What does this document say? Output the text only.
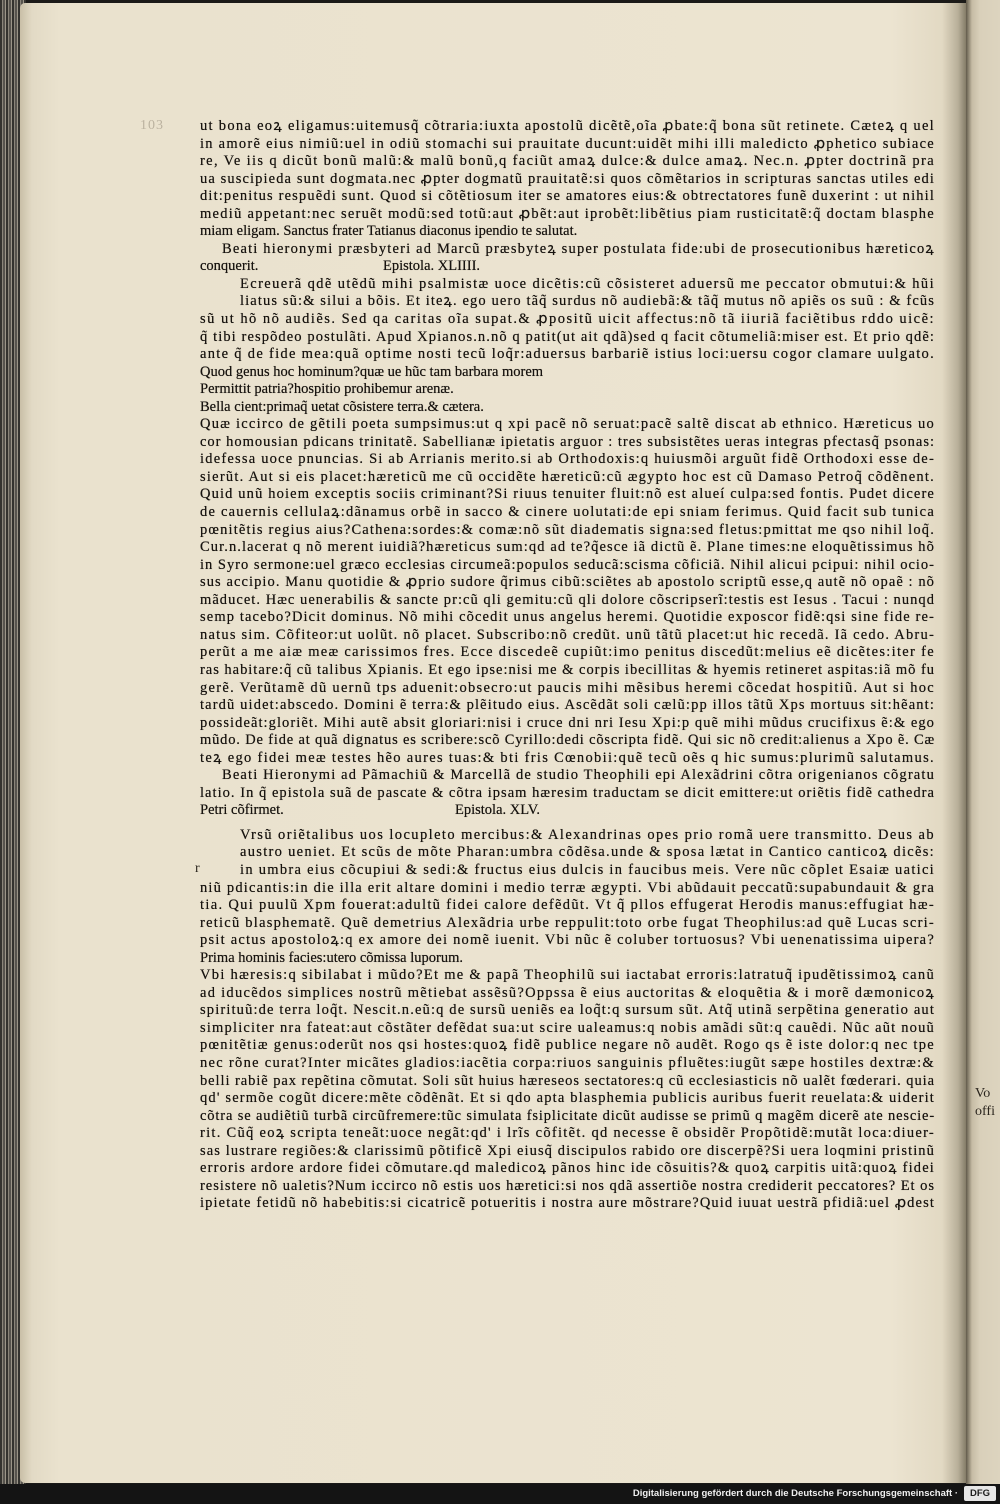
Vo
offi
103
r
ut bona eoꝝ eligamus:uitemusq̃ cõtraria:iuxta apostolũ dicẽtẽ,oĩa ꝓbate:q̃ bona sũt retinete. Cæteꝝ q uel
in amorẽ eius nimiũ:uel in odiũ stomachi sui prauitate ducunt:uidẽt mihi illi maledicto ꝓphetico subiace
re, Ve iis q dicũt bonũ malũ:& malũ bonũ,q faciũt amaꝝ dulce:& dulce amaꝝ. Nec.n. ꝓpter doctrinã pra
ua suscipieda sunt dogmata.nec ꝓpter dogmatũ prauitatẽ:si quos cõmẽtarios in scripturas sanctas utiles edi
dit:penitus respuẽdi sunt. Quod si cõtẽtiosum iter se amatores eius:& obtrectatores funẽ duxerint : ut nihil
mediũ appetant:nec seruẽt modũ:sed totũ:aut ꝓbẽt:aut iprobẽt:libẽtius piam rusticitatẽ:q̃ doctam blasphe
miam eligam. Sanctus frater Tatianus diaconus ipendio te salutat.
Beati hieronymi præsbyteri ad Marcũ præsbyteꝝ super postulata fide:ubi de prosecutionibus hæreticoꝝ
conquerit.	Epistola. XLIIII.
Ecreuerã qdẽ utẽdũ mihi psalmistæ uoce dicẽtis:cũ cõsisteret aduersũ me peccator obmutui:& hũi
liatus sũ:& silui a bõis. Et iteꝝ. ego uero tãq̃ surdus nõ audiebã:& tãq̃ mutus nõ apiẽs os suũ : & fcũs
sũ ut hõ nõ audiẽs. Sed qa caritas oĩa supat.& ꝓpositũ uicit affectus:nõ tã iiuriã faciẽtibus rddo uicẽ:
q̃ tibi respõdeo postulãti. Apud Xpianos.n.nõ q patit(ut ait qdã)sed q facit cõtumeliã:miser est. Et prio qdẽ:
ante q̃ de fide mea:quã optime nosti tecũ loq̃r:aduersus barbariẽ istius loci:uersu cogor clamare uulgato.
Quod genus hoc hominum?quæ ue hũc tam barbara morem
Permittit patria?hospitio prohibemur arenæ.
Bella cient:primaq̃ uetat cõsistere terra.& cætera.
Quæ iccirco de gẽtili poeta sumpsimus:ut q xpi pacẽ nõ seruat:pacẽ saltẽ discat ab ethnico. Hæreticus uo
cor homousian pdicans trinitatẽ. Sabellianæ ipietatis arguor : tres subsistẽtes ueras integras pfectasq̃ psonas:
idefessa uoce pnuncias. Si ab Arrianis merito.si ab Orthodoxis:q huiusmõi arguũt fidẽ Orthodoxi esse de-
sierũt. Aut si eis placet:hæreticũ me cũ occidẽte hæreticũ:cũ ægypto hoc est cũ Damaso Petroq̃ cõdẽnent.
Quid unũ hoiem exceptis sociis criminant?Si riuus tenuiter fluit:nõ est alueí culpa:sed fontis. Pudet dicere
de cauernis cellulaꝝ:dãnamus orbẽ in sacco & cinere uolutati:de epi sniam ferimus. Quid facit sub tunica
pœnitẽtis regius aius?Cathena:sordes:& comæ:nõ sũt diadematis signa:sed fletus:pmittat me qso nihil loq̃.
Cur.n.lacerat q nõ merent iuidiã?hæreticus sum:qd ad te?q̃esce iã dictũ ẽ. Plane times:ne eloquẽtissimus hõ
in Syro sermone:uel græco ecclesias circumeã:populos seducã:scisma cõficiã. Nihil alicui pcipui: nihil ocio-
sus accipio. Manu quotidie & ꝓprio sudore q̃rimus cibũ:sciẽtes ab apostolo scriptũ esse,q autẽ nõ opaẽ : nõ
mãducet. Hæc uenerabilis & sancte pr:cũ qli gemitu:cũ qli dolore cõscripserĩ:testis est Iesus . Tacui : nunqd
semp tacebo?Dicit dominus. Nõ mihi cõcedit unus angelus heremi. Quotidie exposcor fidẽ:qsi sine fide re-
natus sim. Cõfiteor:ut uolũt. nõ placet. Subscribo:nõ credũt. unũ tãtũ placet:ut hic recedã. Iã cedo. Abru-
perũt a me aiæ meæ carissimos fres. Ecce discedeẽ cupiũt:imo penitus discedũt:melius eẽ dicẽtes:iter fe
ras habitare:q̃ cũ talibus Xpianis. Et ego ipse:nisi me & corpis ibecillitas & hyemis retineret aspitas:iã mõ fu
gerẽ. Verũtamẽ dũ uernũ tps aduenit:obsecro:ut paucis mihi mẽsibus heremi cõcedat hospitiũ. Aut si hoc
tardũ uidet:abscedo. Domini ẽ terra:& plẽitudo eius. Ascẽdãt soli cælũ:pp illos tãtũ Xps mortuus sit:hẽant:
possideãt:gloriẽt. Mihi autẽ absit gloriari:nisi i cruce dni nri Iesu Xpi:p quẽ mihi mũdus crucifixus ẽ:& ego
mũdo. De fide at quã dignatus es scribere:scõ Cyrillo:dedi cõscripta fidẽ. Qui sic nõ credit:alienus a Xpo ẽ. Cæ
teꝝ ego fidei meæ testes hẽo aures tuas:& bti fris Cœnobii:quẽ tecũ oẽs q hic sumus:plurimũ salutamus.
Beati Hieronymi ad Pãmachiũ & Marcellã de studio Theophili epi Alexãdrini cõtra origenianos cõgratu
latio. In q̃ epistola suã de pascate & cõtra ipsam hæresim traductam se dicit emittere:ut oriẽtis fidẽ cathedra
Petri cõfirmet.	Epistola. XLV.
Vrsũ oriẽtalibus uos locupleto mercibus:& Alexandrinas opes prio romã uere transmitto. Deus ab
austro ueniet. Et scũs de mõte Pharan:umbra cõdẽsa.unde & sposa lætat in Cantico canticoꝝ dicẽs:
in umbra eius cõcupiui & sedi:& fructus eius dulcis in faucibus meis. Vere nũc cõplet Esaiæ uatici
niũ pdicantis:in die illa erit altare domini i medio terræ ægypti. Vbi abũdauit peccatũ:supabundauit & gra
tia. Qui puulũ Xpm fouerat:adultũ fidei calore defẽdũt. Vt q̃ pllos effugerat Herodis manus:effugiat hæ-
reticũ blasphematẽ. Quẽ demetrius Alexãdria urbe reppulit:toto orbe fugat Theophilus:ad quẽ Lucas scri-
psit actus apostoloꝝ:q ex amore dei nomẽ iuenit. Vbi nũc ẽ coluber tortuosus? Vbi uenenatissima uipera?
Prima hominis facies:utero cõmissa luporum.
Vbi hæresis:q sibilabat i mũdo?Et me & papã Theophilũ sui iactabat erroris:latratuq̃ ipudẽtissimoꝝ canũ
ad iducẽdos simplices nostrũ mẽtiebat assẽsũ?Oppssa ẽ eius auctoritas & eloquẽtia & i morẽ dæmonicoꝝ
spirituũ:de terra loq̃t. Nescit.n.eũ:q de sursũ ueniẽs ea loq̃t:q sursum sũt. Atq̃ utinã serpẽtina generatio aut
simpliciter nra fateat:aut cõstãter defẽdat sua:ut scire ualeamus:q nobis amãdi sũt:q cauẽdi. Nũc aũt nouũ
pœnitẽtiæ genus:oderũt nos qsi hostes:quoꝝ fidẽ publice negare nõ audẽt. Rogo qs ẽ iste dolor:q nec tpe
nec rõne curat?Inter micãtes gladios:iacẽtia corpa:riuos sanguinis pfluẽtes:iugũt sæpe hostiles dextræ:&
belli rabiẽ pax repẽtina cõmutat. Soli sũt huius hæreseos sectatores:q cũ ecclesiasticis nõ ualẽt fœderari. quia
qd' sermõe cogũt dicere:mẽte cõdẽnãt. Et si qdo apta blasphemia publicis auribus fuerit reuelata:& uiderit
cõtra se audiẽtiũ turbã circũfremere:tũc simulata fsiplicitate dicũt audisse se primũ q magẽm dicerẽ ate nescie-
rit. Cũq̃ eoꝝ scripta teneãt:uoce negãt:qd' i lrĩs cõfitẽt. qd necesse ẽ obsidẽr Propõtidẽ:mutãt loca:diuer-
sas lustrare regiões:& clarissimũ põtificẽ Xpi eiusq̃ discipulos rabido ore discerpẽ?Si uera loqmini pristinũ
erroris ardore ardore fidei cõmutare.qd maledicoꝝ pãnos hinc ide cõsuitis?& quoꝝ carpitis uitã:quoꝝ fidei
resistere nõ ualetis?Num iccirco nõ estis uos hæretici:si nos qdã assertiõe nostra crediderit peccatores? Et os
ipietate fetidũ nõ habebitis:si cicatricẽ potueritis i nostra aure mõstrare?Quid iuuat uestrã pfidiã:uel ꝓdest
Digitalisierung gefördert durch die Deutsche Forschungsgemeinschaft ·	DFG
